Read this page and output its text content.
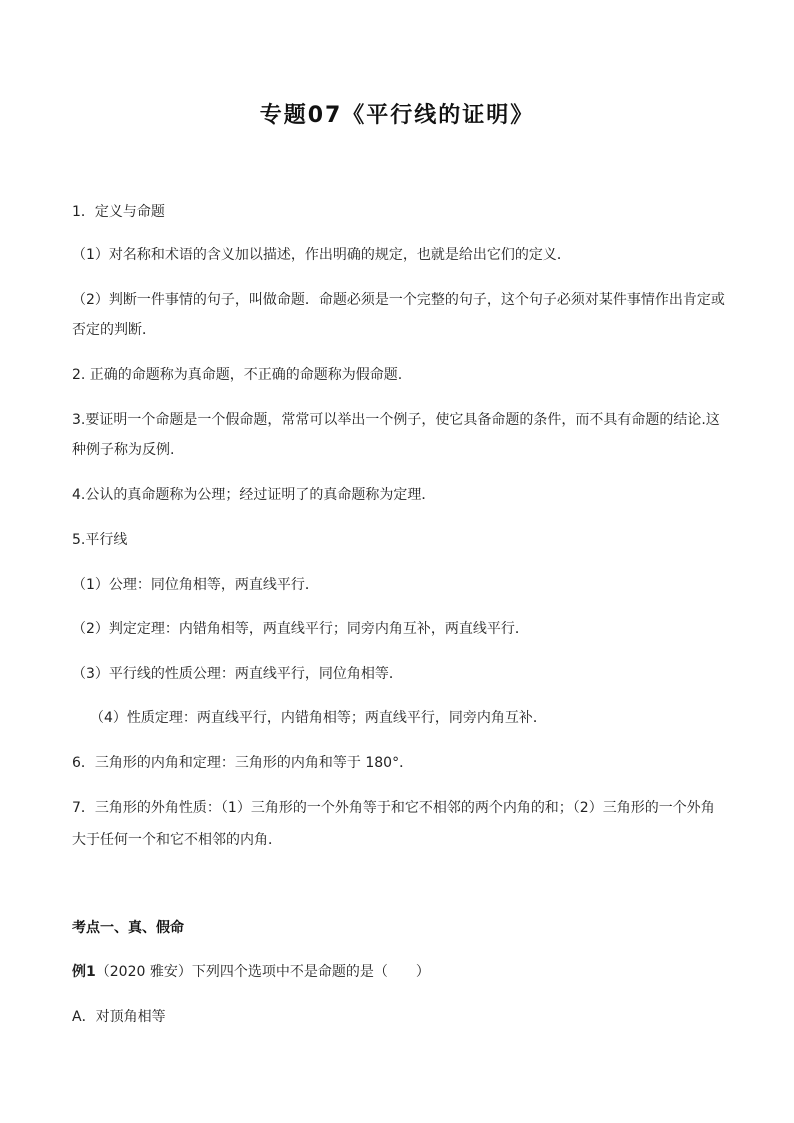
专题07《平行线的证明》
1．定义与命题
（1）对名称和术语的含义加以描述，作出明确的规定，也就是给出它们的定义．
（2）判断一件事情的句子，叫做命题．命题必须是一个完整的句子，这个句子必须对某件事情作出肯定或
否定的判断．
2. 正确的命题称为真命题，不正确的命题称为假命题.
3.要证明一个命题是一个假命题，常常可以举出一个例子，使它具备命题的条件，而不具有命题的结论.这
种例子称为反例.
4.公认的真命题称为公理；经过证明了的真命题称为定理．
5.平行线
（1）公理：同位角相等，两直线平行．
（2）判定定理：内错角相等，两直线平行；同旁内角互补，两直线平行．
（3）平行线的性质公理：两直线平行，同位角相等．
（4）性质定理：两直线平行，内错角相等；两直线平行，同旁内角互补．
6．三角形的内角和定理：三角形的内角和等于 180°．
7．三角形的外角性质：（1）三角形的一个外角等于和它不相邻的两个内角的和；（2）三角形的一个外角
大于任何一个和它不相邻的内角．
考点一、真、假命
例1（2020 雅安）下列四个选项中不是命题的是（　　）
A．对顶角相等
